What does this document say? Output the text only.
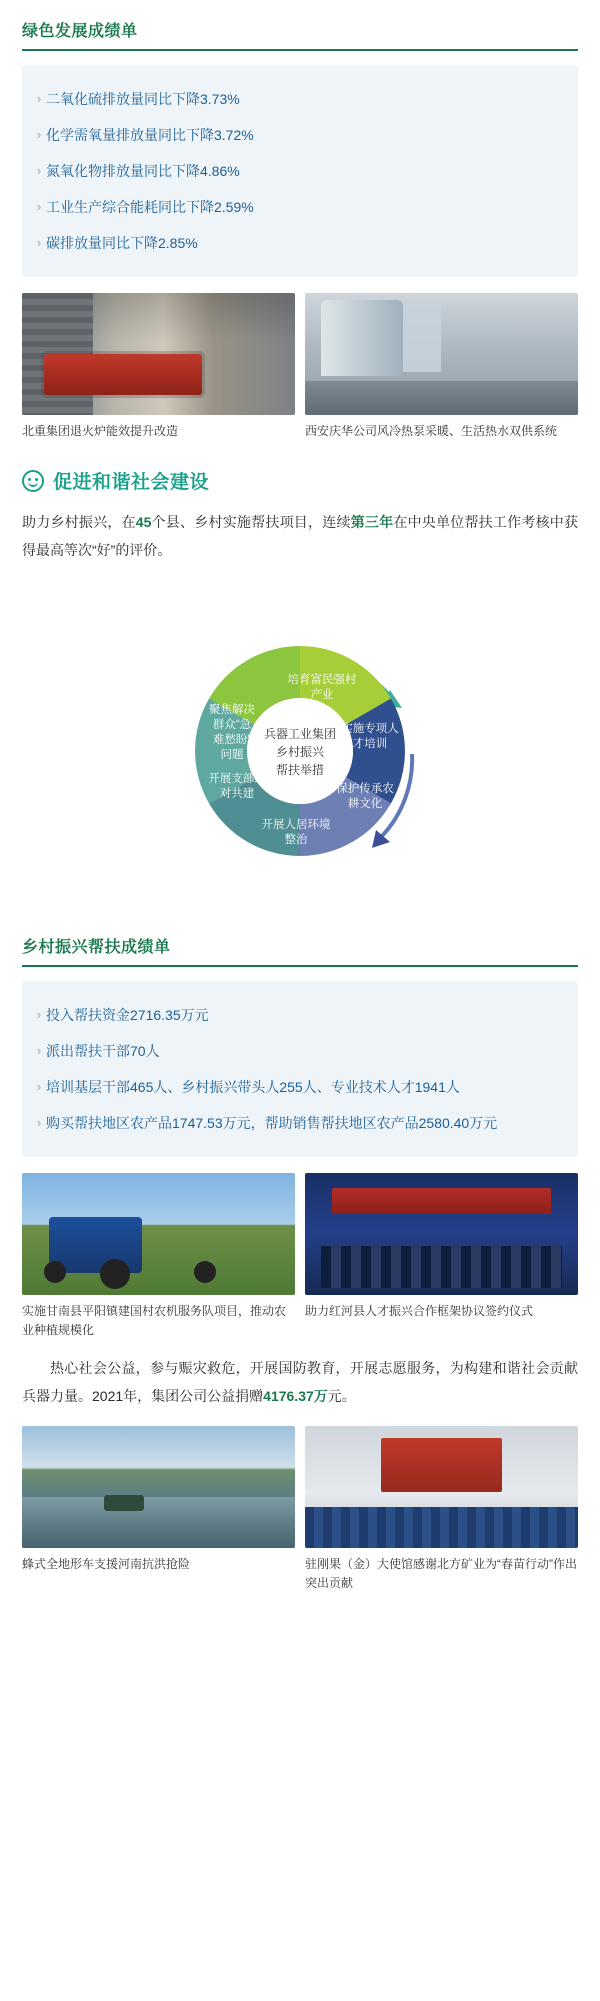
绿色发展成绩单
› 二氧化硫排放量同比下降3.73%
› 化学需氧量排放量同比下降3.72%
› 氮氧化物排放量同比下降4.86%
› 工业生产综合能耗同比下降2.59%
› 碳排放量同比下降2.85%
北重集团退火炉能效提升改造	西安庆华公司风冷热泵采暖、生活热水双供系统
促进和谐社会建设
助力乡村振兴，在45个县、乡村实施帮扶项目，连续第三年在中央单位帮扶工作考核中获得最高等次“好”的评价。
兵器工业集团
乡村振兴
帮扶举措
培育富民强村
产业
实施专项人
才培训
保护传承农
耕文化
开展人居环境
整治
开展支部结
对共建
聚焦解决
群众“急
难愁盼”
问题
乡村振兴帮扶成绩单
› 投入帮扶资金2716.35万元
› 派出帮扶干部70人
› 培训基层干部465人、乡村振兴带头人255人、专业技术人才1941人
› 购买帮扶地区农产品1747.53万元，帮助销售帮扶地区农产品2580.40万元
实施甘南县平阳镇建国村农机服务队项目，推动农业种植规模化
助力红河县人才振兴合作框架协议签约仪式
热心社会公益，参与赈灾救危，开展国防教育，开展志愿服务，为构建和谐社会贡献兵器力量。2021年，集团公司公益捐赠4176.37万元。
蜂式全地形车支援河南抗洪抢险	驻刚果（金）大使馆感谢北方矿业为“春苗行动”作出突出贡献
